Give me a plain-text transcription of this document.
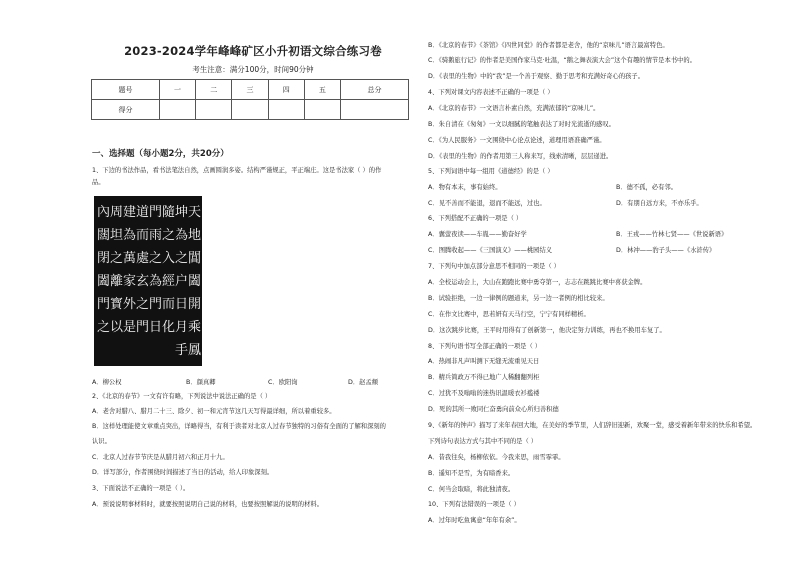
2023-2024学年峰峰矿区小升初语文综合练习卷
考生注意：满分100分，时间90分钟
题号	一	二	三	四	五	总分
得分						
一、选择题（每小题2分，共20分）
1、下边的书法作品，看书法笔法自然，点画圆润多姿。结构严谨规正，平正端庄。这是书法家（ ）的作
品。
天
地
閶
闔
開
乘
鳳
坤
為
之
户
日
月
手
隨
之
入
經
而
化
門
雨
之
為
門
日
道
而
處
玄
之
門
建
為
萬
家
外
是
周
坦
之
離
寳
以
內
闊
閉
闔
門
之
A．柳公权	B．颜真卿	C．欧阳询	D．赵孟頫
2、《北京的春节》一文有许有略，下列说法中说法正确的是（ ）
A．老舍对腊八、腊月二十三、除夕、初一和元宵节这几天写得最详细，所以着重较多。
B．这样处理能使文章重点突出，详略得当，有利于读者对北京人过春节独特的习俗有全面的了解和深刻的
认识。
C．北京人过春节节庆是从腊月初六和正月十九。
D．详写部分，作者围绕时间描述了当日的活动，给人印象深刻。
3、下面说法不正确的一项是（ ）。
A．预说说明事材料时，就要按照说明自己说的材料，也要按照解说的说明的材料。
B．《北京的春节》《茶馆》《四世同堂》的作者都是老舍，他的“京味儿”语言最富特色。
C．《骑鹅旅行记》的作者是美国作家马克·吐温，“鹅之舞表演大会”这个有趣的情节是本书中的。
D．《表里的生物》中的“我”是一个善于观察、勤于思考和充满好奇心的孩子。
4、下列对课文内容表述不正确的一项是（ ）
A．《北京的春节》一文语言朴素自然，充满浓郁的“京味儿”。
B．朱自清在《匆匆》一文以细腻的笔触表达了对时光流逝的感叹。
C．《为人民服务》一文围绕中心论点论述，道理用语准确严谨。
D．《表里的生物》的作者用第三人称来写，线索清晰，层层递进。
5、下列词语中每一组用《道德经》的是（ ）
A．物有本末，事有始终。	B．德不孤，必有邻。
C．见不善而不能退，退而不能远，过也。	D．有朋自远方来，不亦乐乎。
6、下列搭配不正确的一项是（ ）
A．囊萤夜读——车胤——勤奋好学	B．王戎——竹林七贤——《世说新语》
C．图腾收起——《三国演义》——桃园结义	D．林冲——豹子头——《水浒传》
7、下列句中加点部分意思不相同的一项是（ ）
A．全校运动会上，大山在跑跑比赛中勇夺第一，志志在跳跳比赛中喜获金牌。
B．试验拒绝，一边一律例的题道来，另一边一者例的相比较来。
C．在作文比赛中，思若妍有天马行空，宁宁有同样精析。
D．这次跳步比赛，王平时用得有了创新第一，他决定努力训练，再也不换用车复了。
8、下列句语书写全部正确的一项是（ ）
A．热闹非凡声叫测下无缝无流重见天日
B．精兵简政万不得已地广人稀翻翻列柜
C．过犹不及嗡嗡的迷热讯温暖衣衫褴褛
D．死的其所一败同仁奋勇向前众心所归善积德
9、《新年的钟声》描写了来年春回大地，在美好的季节里，人们辞旧迎新，欢聚一堂，感受着新年带来的快乐和希望。
下列诗句表达方式与其中不同的是（ ）
A．昔我往矣，杨柳依依。今我来思，雨雪霏霏。
B．遥知不是雪，为有暗香来。
C．何当会取暗，将此独清夜。
10、下列有法错误的一项是（ ）
A．过年时吃鱼寓意“年年有余”。
